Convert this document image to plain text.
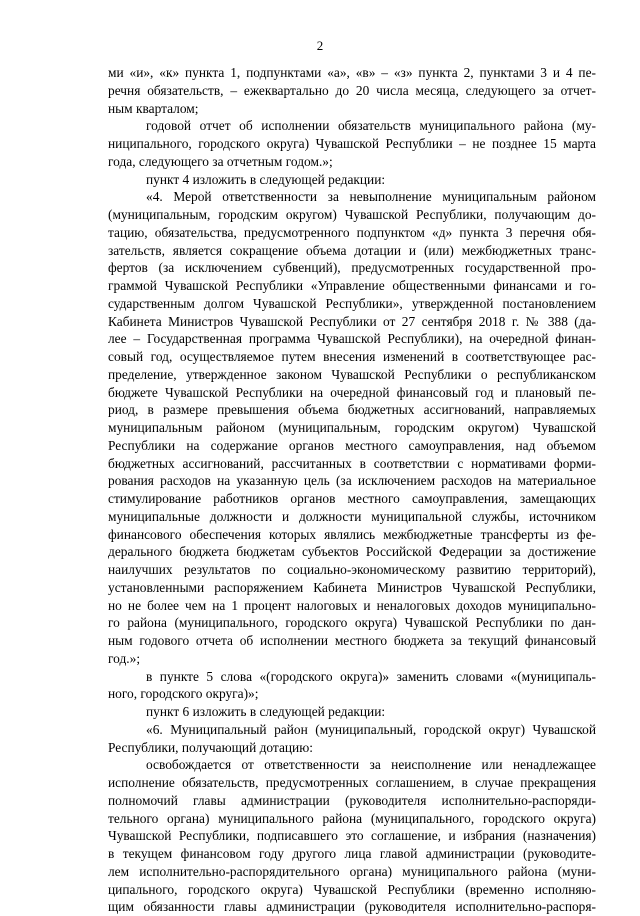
2
ми «и», «к» пункта 1, подпунктами «а», «в» – «з» пункта 2, пунктами 3 и 4 пе-
речня обязательств, – ежеквартально до 20 числа месяца, следующего за отчет-
ным кварталом;
годовой отчет об исполнении обязательств муниципального района (му-
ниципального, городского округа) Чувашской Республики – не позднее 15 марта
года, следующего за отчетным годом.»;
пункт 4 изложить в следующей редакции:
«4. Мерой ответственности за невыполнение муниципальным районом
(муниципальным, городским округом) Чувашской Республики, получающим до-
тацию, обязательства, предусмотренного подпунктом «д» пункта 3 перечня обя-
зательств, является сокращение объема дотации и (или) межбюджетных транс-
фертов (за исключением субвенций), предусмотренных государственной про-
граммой Чувашской Республики «Управление общественными финансами и го-
сударственным долгом Чувашской Республики», утвержденной постановлением
Кабинета Министров Чувашской Республики от 27 сентября 2018 г. № 388 (да-
лее – Государственная программа Чувашской Республики), на очередной финан-
совый год, осуществляемое путем внесения изменений в соответствующее рас-
пределение, утвержденное законом Чувашской Республики о республиканском
бюджете Чувашской Республики на очередной финансовый год и плановый пе-
риод, в размере превышения объема бюджетных ассигнований, направляемых
муниципальным районом (муниципальным, городским округом) Чувашской
Республики на содержание органов местного самоуправления, над объемом
бюджетных ассигнований, рассчитанных в соответствии с нормативами форми-
рования расходов на указанную цель (за исключением расходов на материальное
стимулирование работников органов местного самоуправления, замещающих
муниципальные должности и должности муниципальной службы, источником
финансового обеспечения которых являлись межбюджетные трансферты из фе-
дерального бюджета бюджетам субъектов Российской Федерации за достижение
наилучших результатов по социально-экономическому развитию территорий),
установленными распоряжением Кабинета Министров Чувашской Республики,
но не более чем на 1 процент налоговых и неналоговых доходов муниципально-
го района (муниципального, городского округа) Чувашской Республики по дан-
ным годового отчета об исполнении местного бюджета за текущий финансовый
год.»;
в пункте 5 слова «(городского округа)» заменить словами «(муниципаль-
ного, городского округа)»;
пункт 6 изложить в следующей редакции:
«6. Муниципальный район (муниципальный, городской округ) Чувашской
Республики, получающий дотацию:
освобождается от ответственности за неисполнение или ненадлежащее
исполнение обязательств, предусмотренных соглашением, в случае прекращения
полномочий главы администрации (руководителя исполнительно-распоряди-
тельного органа) муниципального района (муниципального, городского округа)
Чувашской Республики, подписавшего это соглашение, и избрания (назначения)
в текущем финансовом году другого лица главой администрации (руководите-
лем исполнительно-распорядительного органа) муниципального района (муни-
ципального, городского округа) Чувашской Республики (временно исполняю-
щим обязанности главы администрации (руководителя исполнительно-распоря-
